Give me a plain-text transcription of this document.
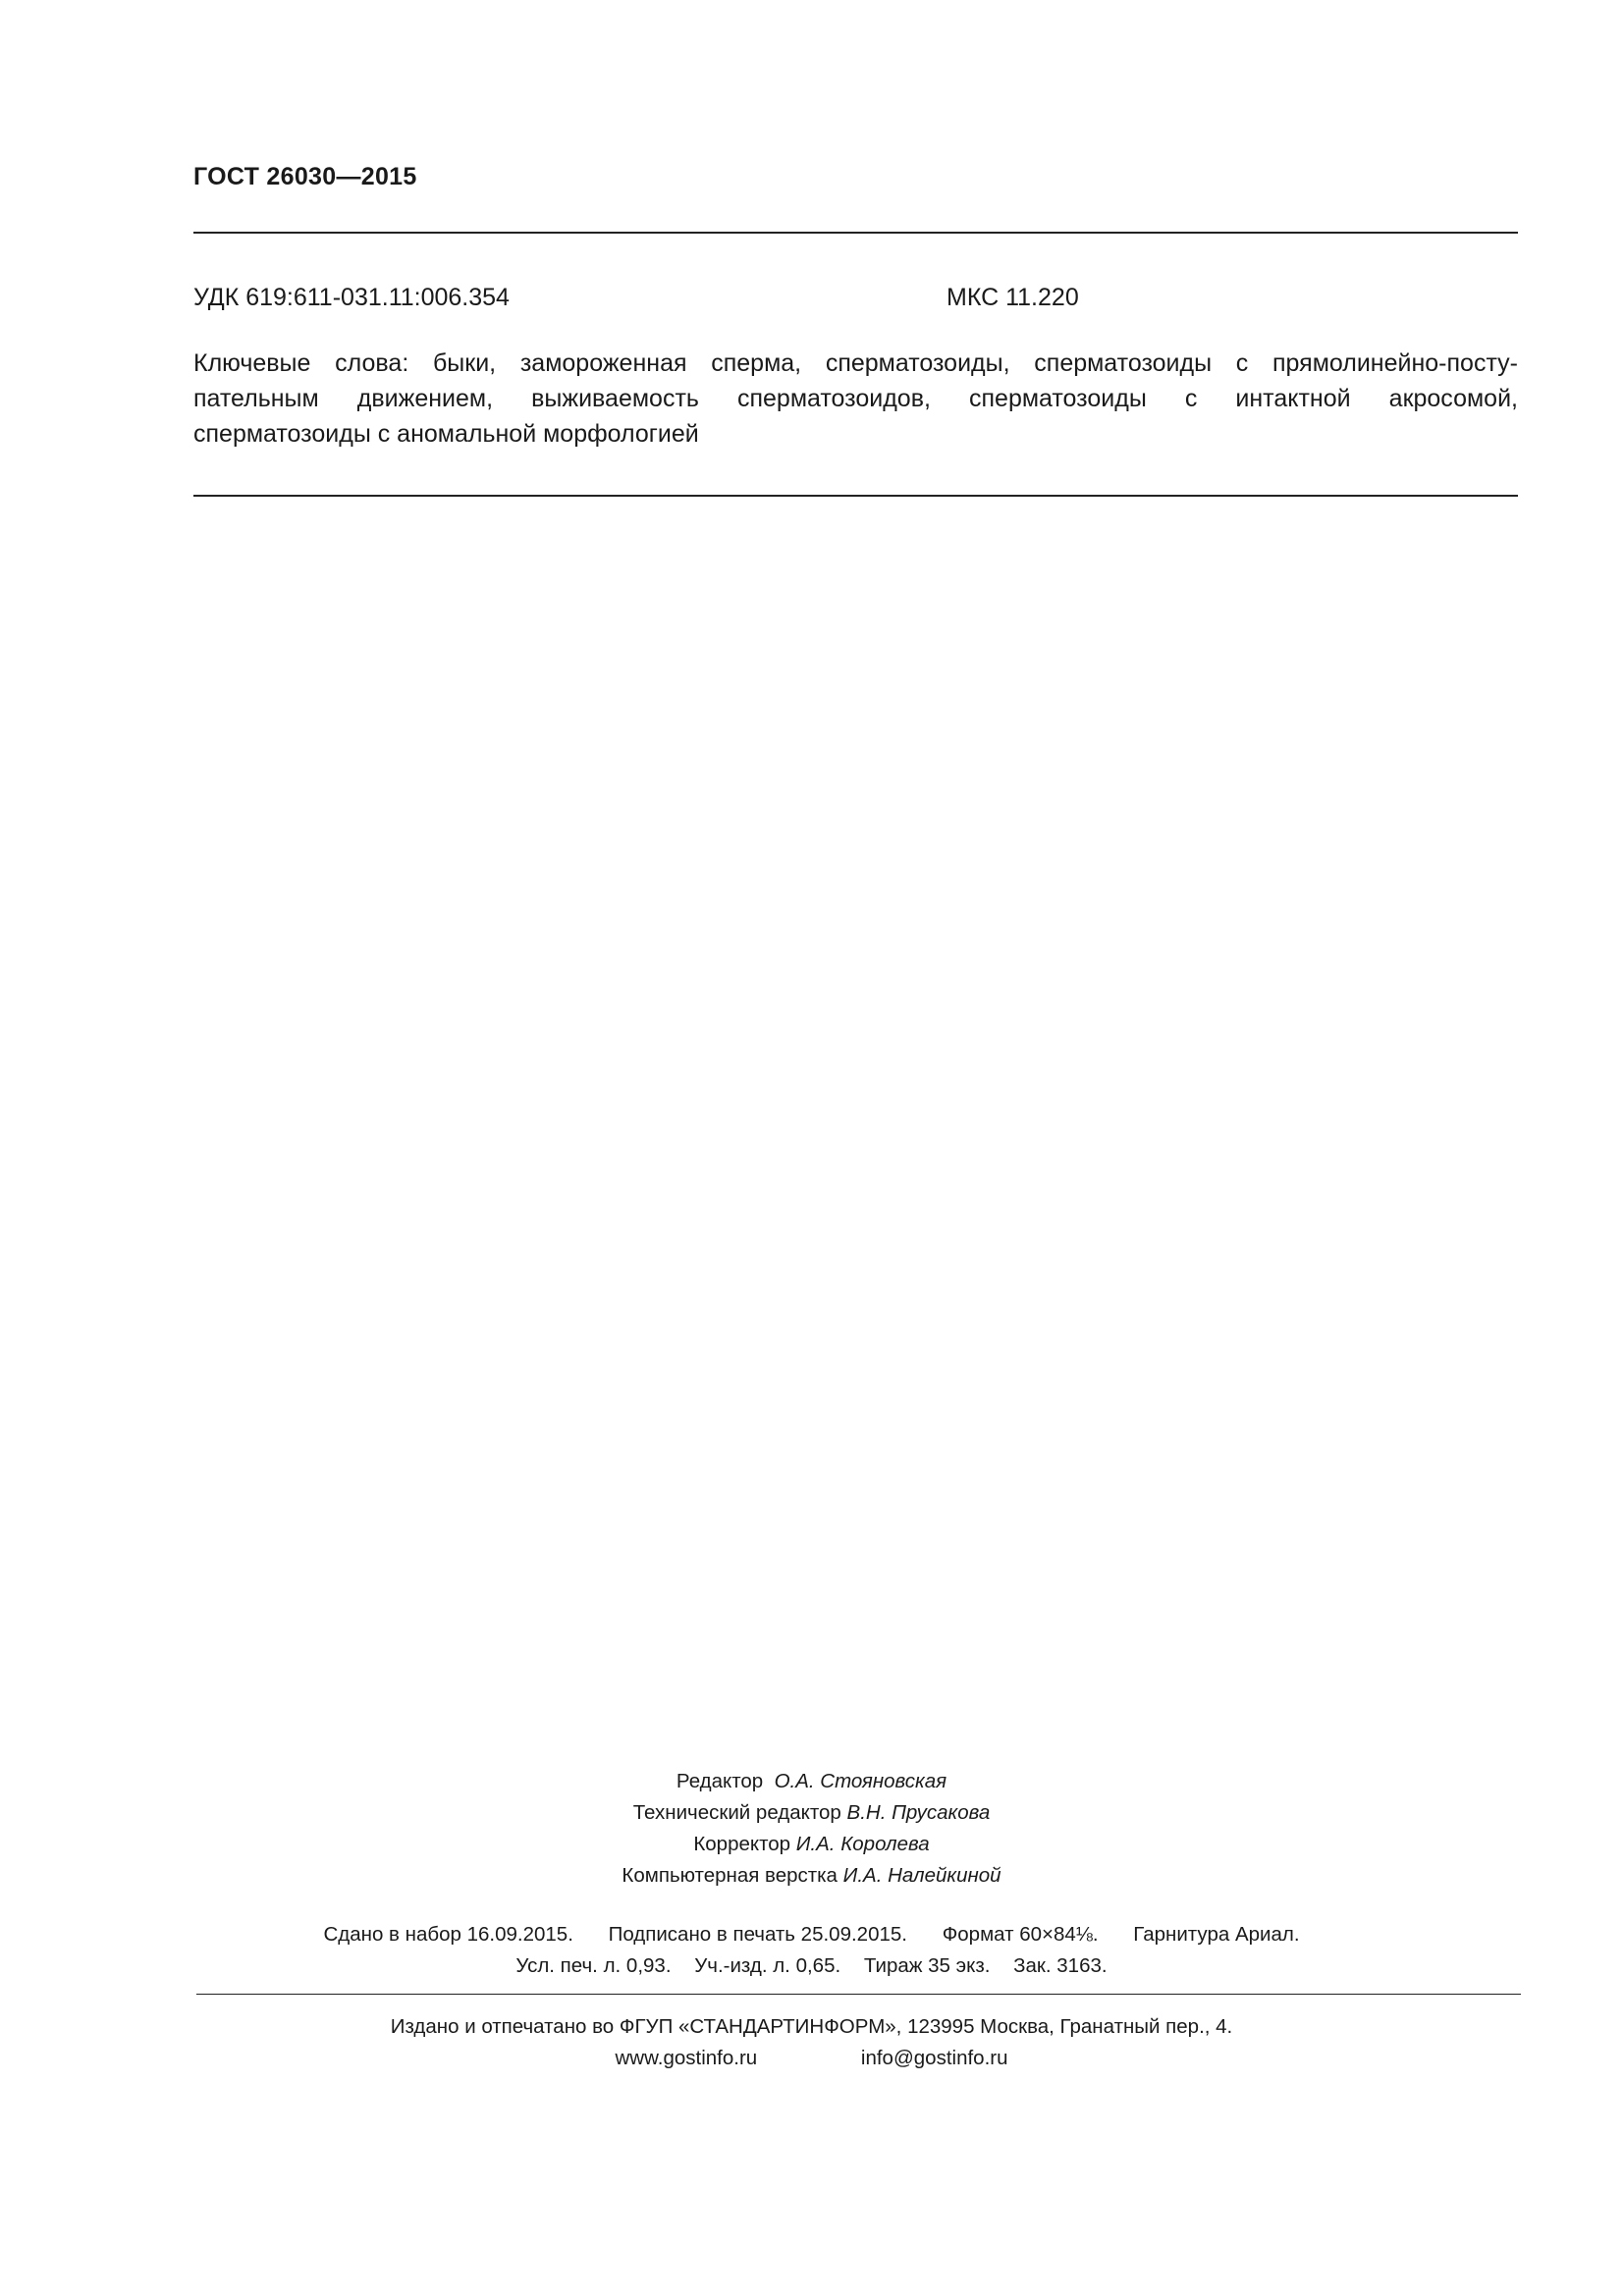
ГОСТ 26030—2015
УДК 619:611-031.11:006.354	МКС 11.220
Ключевые слова: быки, замороженная сперма, сперматозоиды, сперматозоиды с прямолинейно-посту-
пательным движением, выживаемость сперматозоидов, сперматозоиды с интактной акросомой,
сперматозоиды с аномальной морфологией
Редактор О.А. Стояновская
Технический редактор В.Н. Прусакова
Корректор И.А. Королева
Компьютерная верстка И.А. Налейкиной
Сдано в набор 16.09.2015. Подписано в печать 25.09.2015. Формат 60×84⅛. Гарнитура Ариал.
Усл. печ. л. 0,93. Уч.-изд. л. 0,65. Тираж 35 экз. Зак. 3163.
Издано и отпечатано во ФГУП «СТАНДАРТИНФОРМ», 123995 Москва, Гранатный пер., 4.
www.gostinfo.ru	info@gostinfo.ru
